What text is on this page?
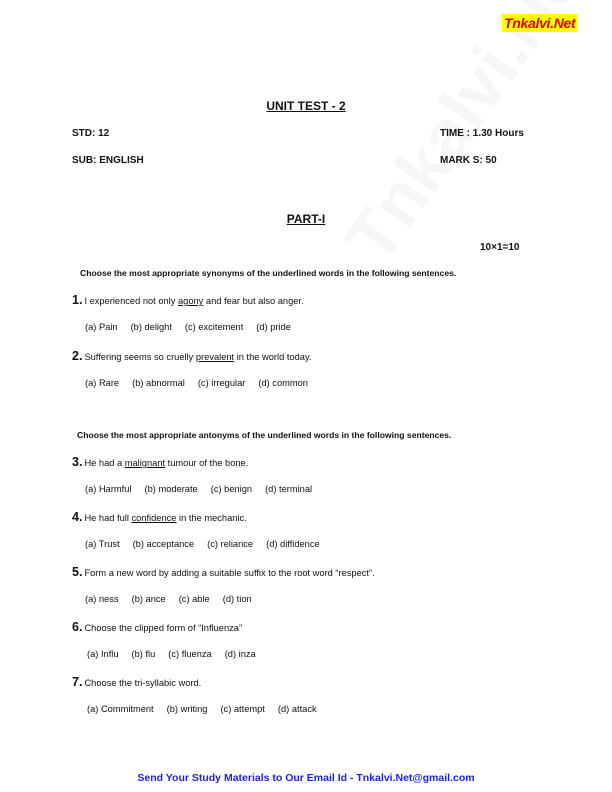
Tnkalvi.Net
UNIT TEST - 2
STD: 12
SUB: ENGLISH
TIME : 1.30 Hours
MARK S: 50
PART-I
10×1=10
Choose the most appropriate synonyms of the underlined words in the following sentences.
Choose the most appropriate antonyms of the underlined words in the following sentences.
Send Your Study Materials to Our Email Id - Tnkalvi.Net@gmail.com
1. I experienced not only agony and fear but also anger.
(a) Pain (b) delight (c) excitement (d) pride
2. Suffering seems so cruelly prevalent in the world today.
(a) Rare (b) abnormal (c) irregular (d) common
3. He had a malignant tumour of the bone.
(a) Harmful (b) moderate (c) benign (d) terminal
4. He had full confidence in the mechanic.
(a) Trust (b) acceptance (c) reliance (d) diffidence
5. Form a new word by adding a suitable suffix to the root word “respect”.
(a) ness (b) ance (c) able (d) tion
6. Choose the clipped form of “Influenza”
(a) Influ (b) flu (c) fluenza (d) inza
7. Choose the tri-syllabic word.
(a) Commitment (b) writing (c) attempt (d) attack
